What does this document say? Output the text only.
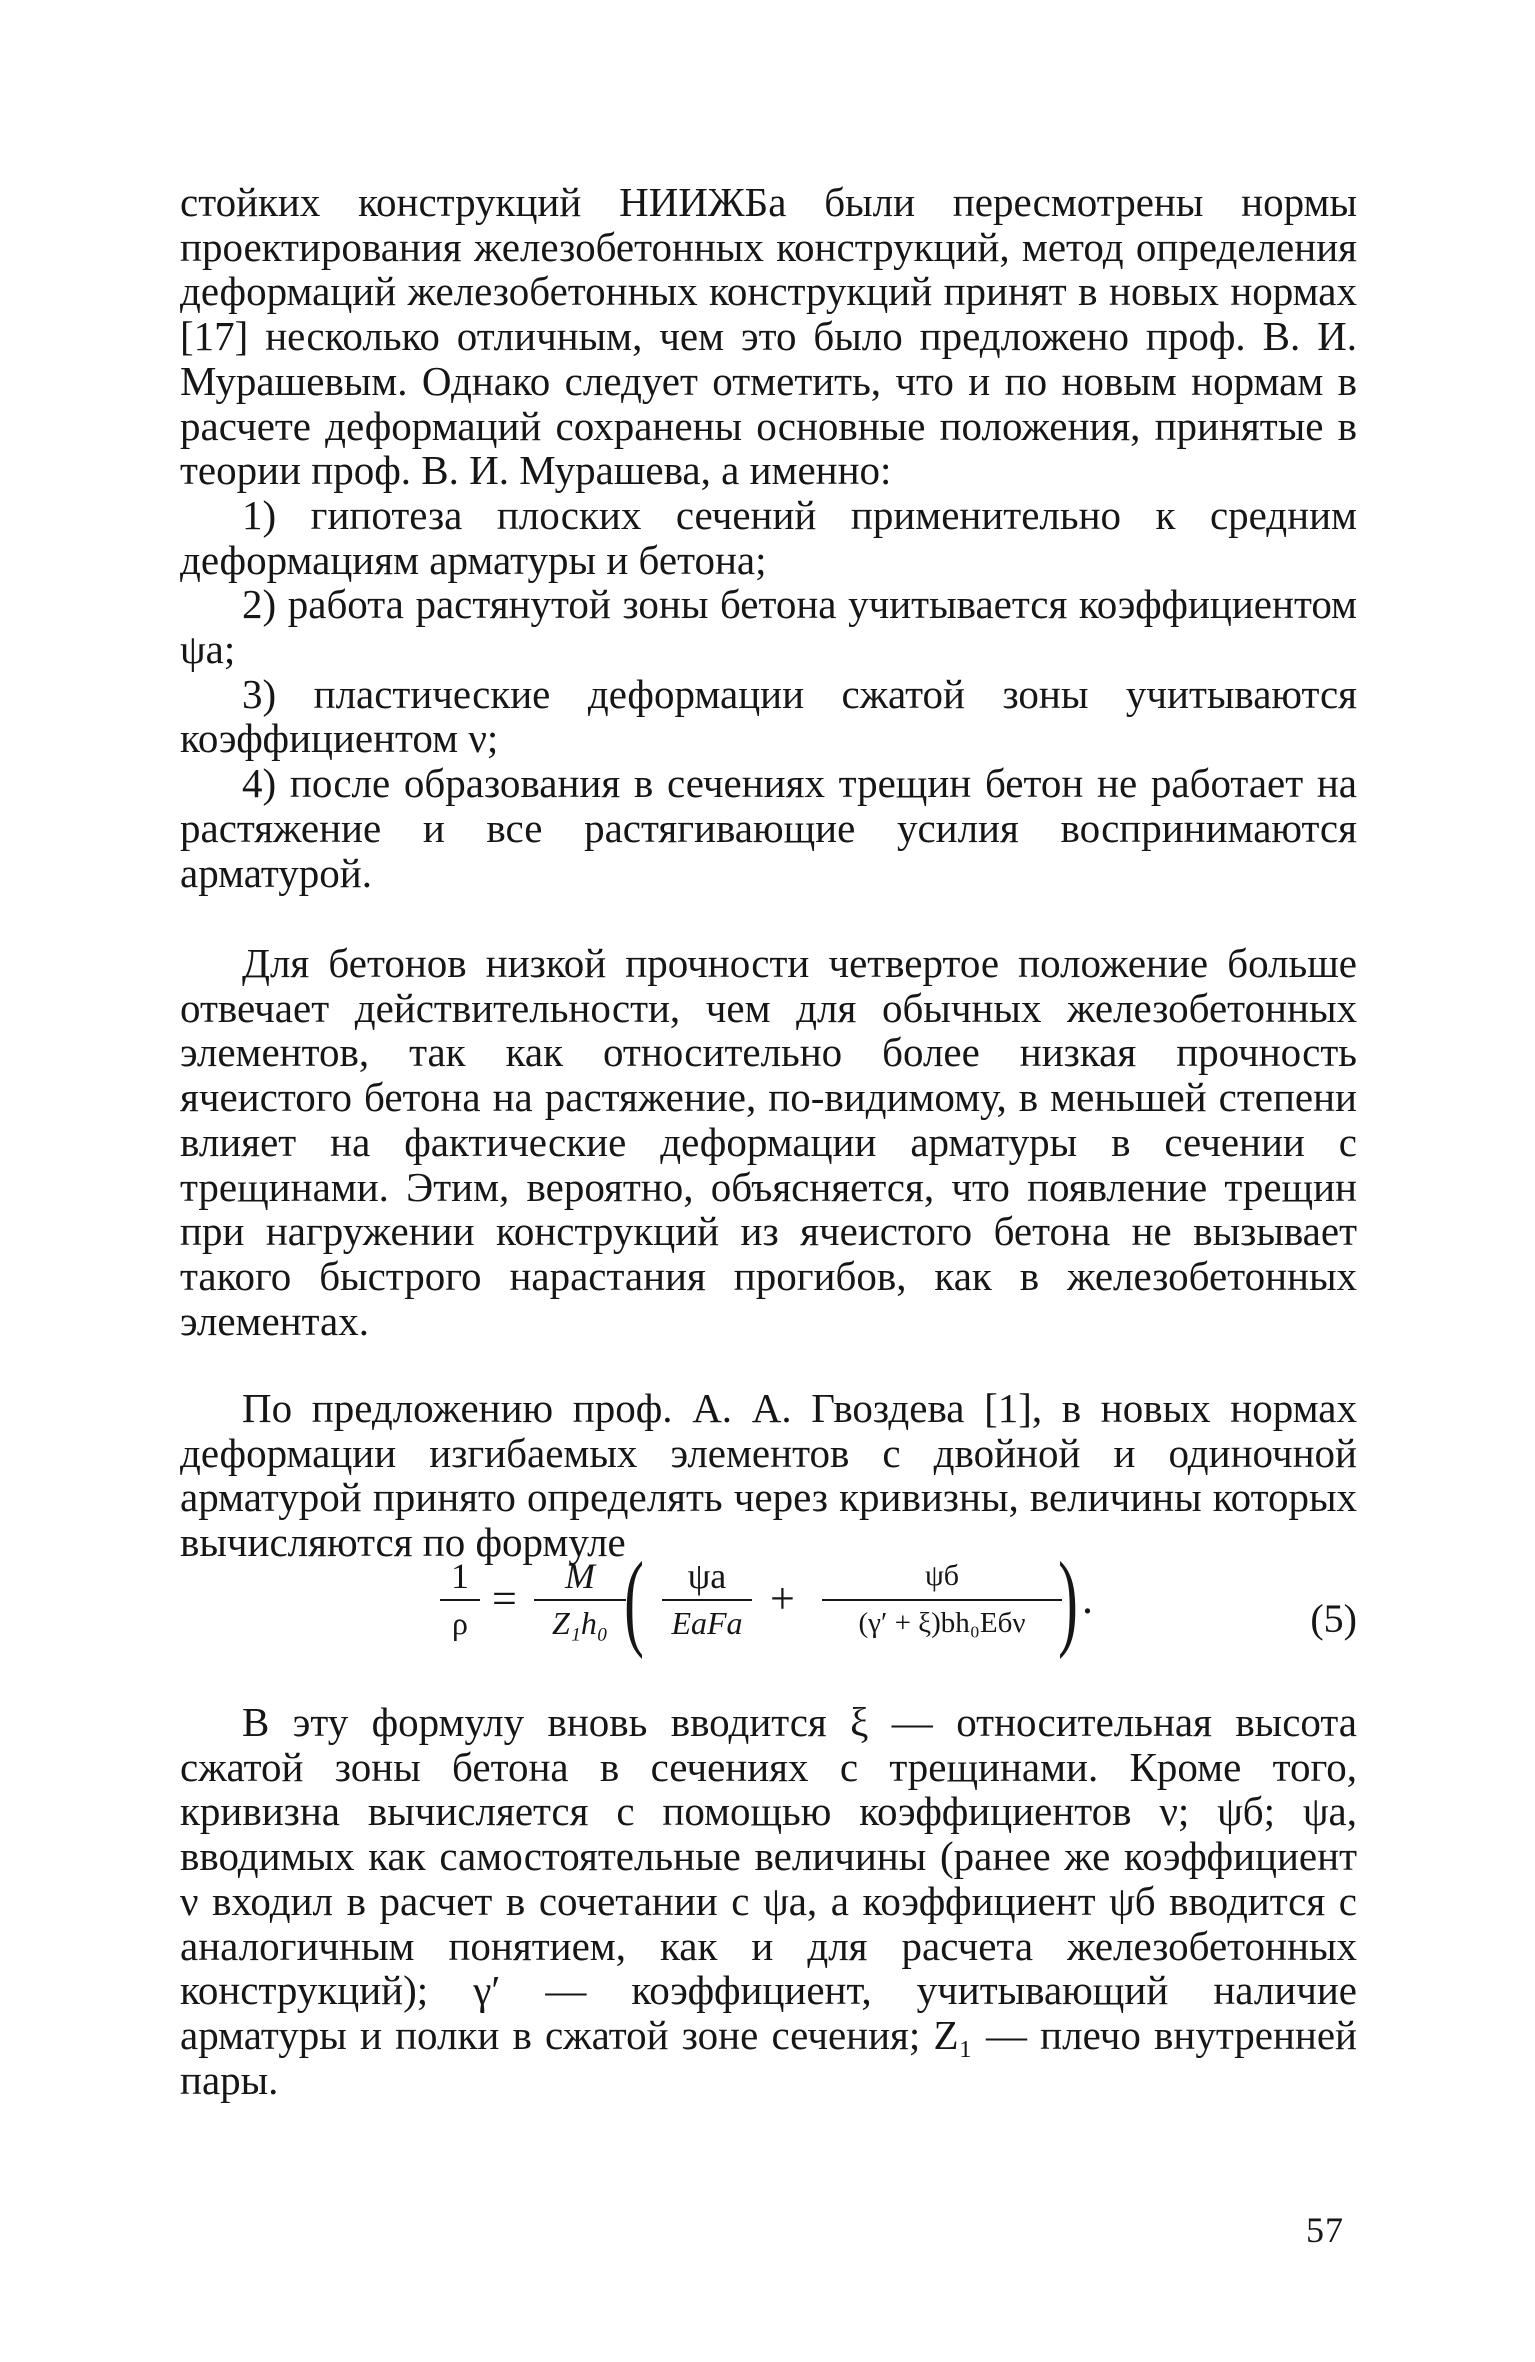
стойких конструкций НИИЖБа были пересмотрены нормы проектирования железобетонных конструкций, метод определения деформаций железобетонных конструкций принят в новых нормах [17] несколько отличным, чем это было предложено проф. В. И. Мурашевым. Однако следует отметить, что и по новым нормам в расчете деформаций сохранены основные положения, принятые в теории проф. В. И. Мурашева, а именно:

1) гипотеза плоских сечений применительно к средним деформациям арматуры и бетона;

2) работа растянутой зоны бетона учитывается коэффициентом ψа;

3) пластические деформации сжатой зоны учитываются коэффициентом ν;

4) после образования в сечениях трещин бетон не работает на растяжение и все растягивающие усилия воспринимаются арматурой.

Для бетонов низкой прочности четвертое положение больше отвечает действительности, чем для обычных железобетонных элементов, так как относительно более низкая прочность ячеистого бетона на растяжение, по-видимому, в меньшей степени влияет на фактические деформации арматуры в сечении с трещинами. Этим, вероятно, объясняется, что появление трещин при нагружении конструкций из ячеистого бетона не вызывает такого быстрого нарастания прогибов, как в железобетонных элементах.

По предложению проф. А. А. Гвоздева [1], в новых нормах деформации изгибаемых элементов с двойной и одиночной арматурой принято определять через кривизны, величины которых вычисляются по формуле

$\frac{1}{\rho} = \frac{M}{\text{Z₁h₀}}$
(	ψа
EаFа +	ψб
(γ′ + ξ)bh₀Eбν ) .	(5)

В эту формулу вновь вводится ξ — относительная высота сжатой зоны бетона в сечениях с трещинами. Кроме того, кривизна вычисляется с помощью коэффициентов ν; ψб; ψа, вводимых как самостоятельные величины (ранее же коэффициент ν входил в расчет в сочетании с ψа, а коэффициент ψб вводится с аналогичным понятием, как и для расчета железобетонных конструкций); γ′ — коэффициент, учитывающий наличие арматуры и полки в сжатой зоне сечения; Z₁ — плечо внутренней пары.

57
